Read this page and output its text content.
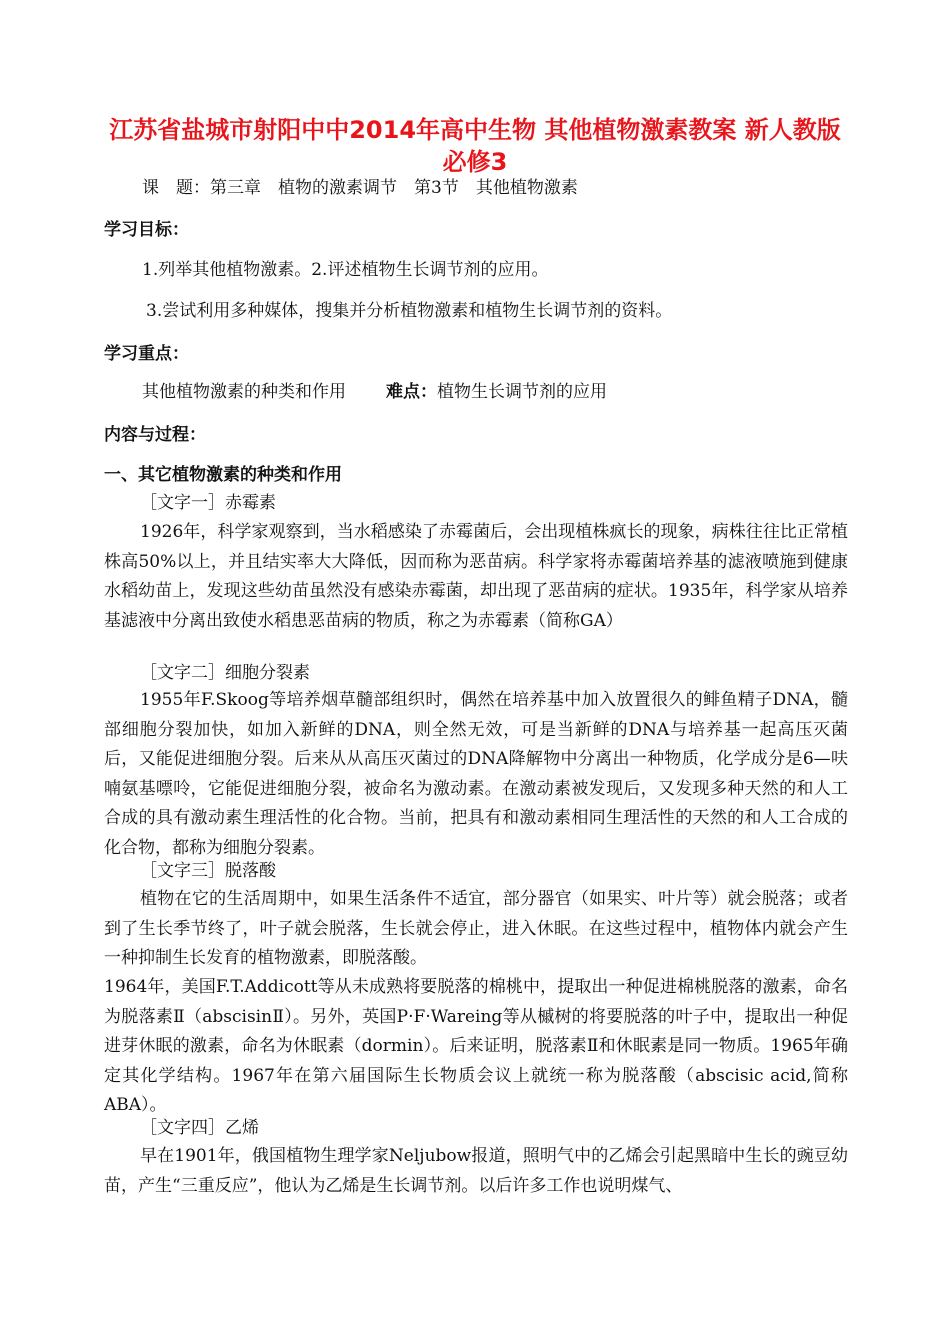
江苏省盐城市射阳中中2014年高中生物 其他植物激素教案 新人教版必修3
课　题：第三章　植物的激素调节　第3节　其他植物激素
学习目标：
1.列举其他植物激素。2.评述植物生长调节剂的应用。
3.尝试利用多种媒体，搜集并分析植物激素和植物生长调节剂的资料。
学习重点：
其他植物激素的种类和作用 难点：植物生长调节剂的应用
内容与过程：
一、其它植物激素的种类和作用
［文字一］赤霉素
1926年，科学家观察到，当水稻感染了赤霉菌后，会出现植株疯长的现象，病株往往比正常植株高50%以上，并且结实率大大降低，因而称为恶苗病。科学家将赤霉菌培养基的滤液喷施到健康水稻幼苗上，发现这些幼苗虽然没有感染赤霉菌，却出现了恶苗病的症状。1935年，科学家从培养基滤液中分离出致使水稻患恶苗病的物质，称之为赤霉素（简称GA）
［文字二］细胞分裂素
1955年F.Skoog等培养烟草髓部组织时，偶然在培养基中加入放置很久的鲱鱼精子DNA，髓部细胞分裂加快，如加入新鲜的DNA，则全然无效，可是当新鲜的DNA与培养基一起高压灭菌后，又能促进细胞分裂。后来从从高压灭菌过的DNA降解物中分离出一种物质，化学成分是6—呋喃氨基嘌呤，它能促进细胞分裂，被命名为激动素。在激动素被发现后，又发现多种天然的和人工合成的具有激动素生理活性的化合物。当前，把具有和激动素相同生理活性的天然的和人工合成的化合物，都称为细胞分裂素。
［文字三］脱落酸
植物在它的生活周期中，如果生活条件不适宜，部分器官（如果实、叶片等）就会脱落；或者到了生长季节终了，叶子就会脱落，生长就会停止，进入休眠。在这些过程中，植物体内就会产生一种抑制生长发育的植物激素，即脱落酸。
1964年，美国F.T.Addicott等从未成熟将要脱落的棉桃中，提取出一种促进棉桃脱落的激素，命名为脱落素Ⅱ（abscisinⅡ）。另外，英国P·F·Wareing等从槭树的将要脱落的叶子中，提取出一种促进芽休眠的激素，命名为休眠素（dormin）。后来证明，脱落素Ⅱ和休眠素是同一物质。1965年确定其化学结构。1967年在第六届国际生长物质会议上就统一称为脱落酸（abscisic acid,简称 ABA）。
［文字四］乙烯
早在1901年，俄国植物生理学家Neljubow报道，照明气中的乙烯会引起黑暗中生长的豌豆幼苗，产生“三重反应”，他认为乙烯是生长调节剂。以后许多工作也说明煤气、
